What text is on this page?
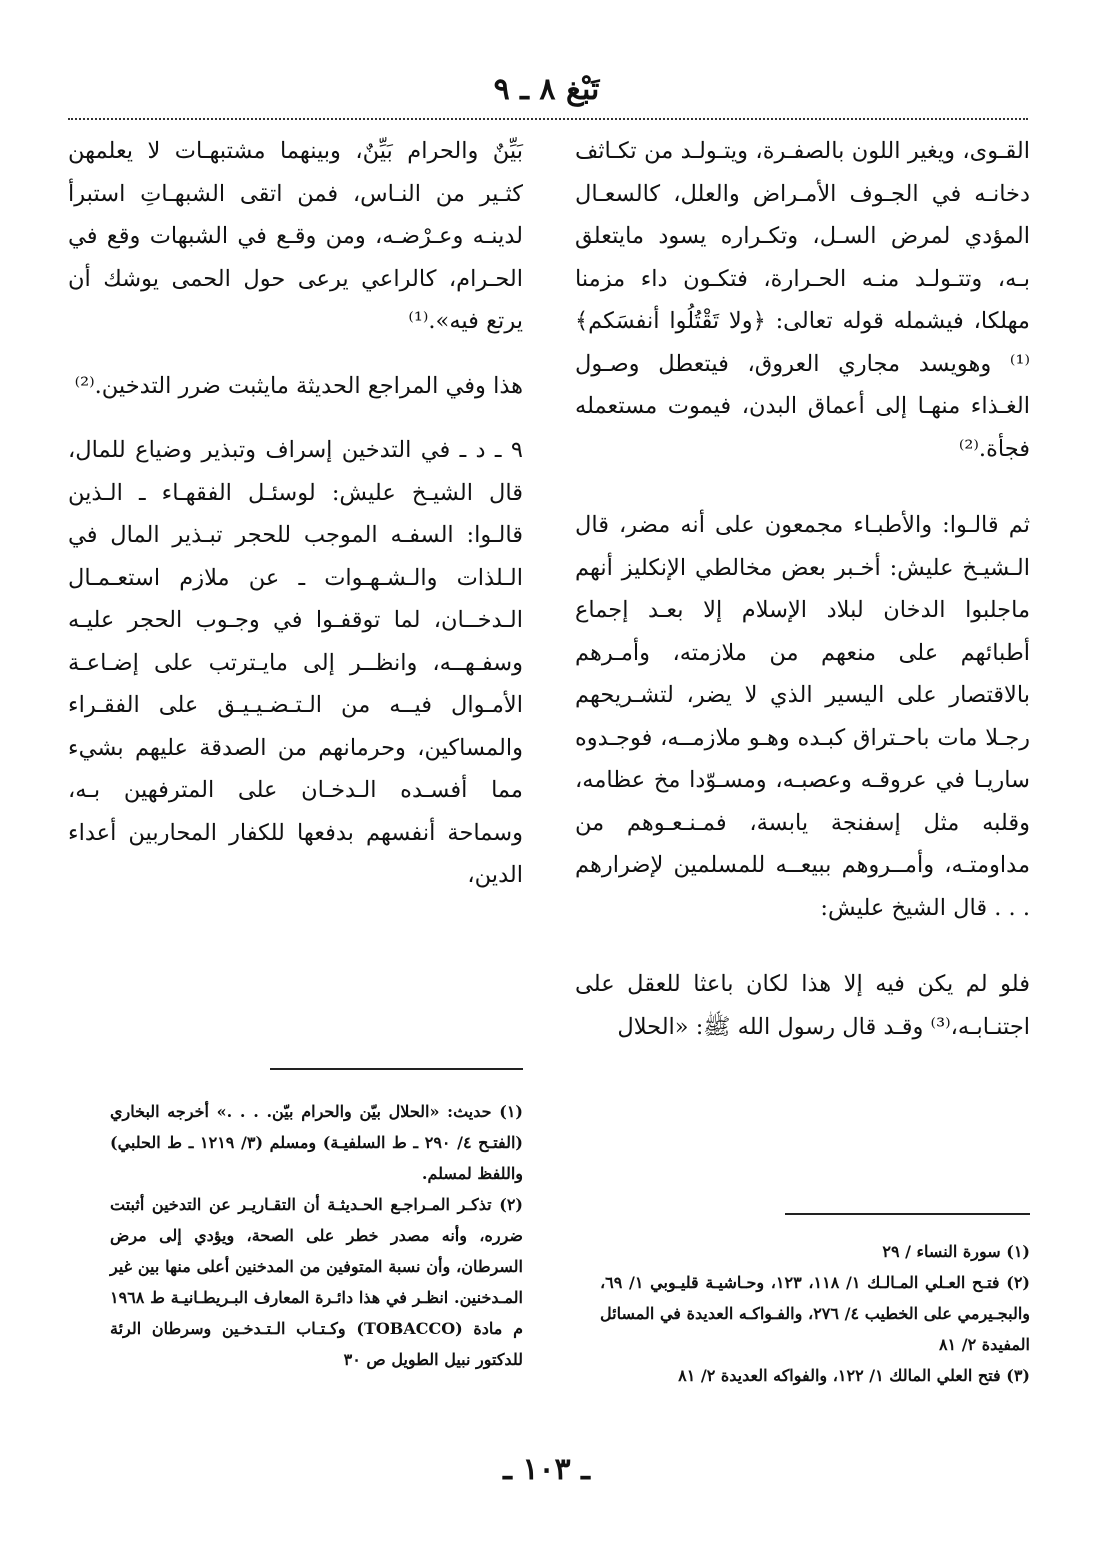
تَبْغ ٨ ـ ٩

القـوى، ويغير اللون بالصفـرة، ويتـولـد من تكـاثف دخانـه في الجـوف الأمـراض والعلل، كالسعـال المؤدي لمرض السـل، وتكـراره يسود مايتعلق بـه، وتتـولـد منـه الحـرارة، فتكـون داء مزمنا مهلكا، فيشمله قوله تعالى: ﴿ولا تَقْتُلُوا أنفسَكم﴾⁽¹⁾ وهويسد مجاري العروق، فيتعطل وصـول الغـذاء منهـا إلى أعماق البدن، فيموت مستعمله فجأة.⁽²⁾

ثم قالـوا: والأطبـاء مجمعون على أنه مضر، قال الـشيـخ عليش: أخـبر بعض مخالطي الإنكليز أنهم ماجلبوا الدخان لبلاد الإسلام إلا بعـد إجماع أطبائهم على منعهم من ملازمته، وأمـرهم بالاقتصار على اليسير الذي لا يضر، لتشـريحهم رجـلا مات باحـتراق كبـده وهـو ملازمــه، فوجـدوه ساريـا في عروقـه وعصبـه، ومسـوّدا مخ عظامه، وقلبه مثل إسفنجة يابسة، فمـنـعـوهم من مداومتـه، وأمــروهم ببيعــه للمسلمين لإضرارهم . . . قال الشيخ عليش:

فلو لم يكن فيه إلا هذا لكان باعثا للعقل على اجتنـابـه،⁽³⁾ وقـد قال رسول الله ﷺ: «الحلال

بَيِّنٌ والحرام بَيِّنٌ، وبينهما مشتبهـات لا يعلمهن كثـير من النـاس، فمن اتقى الشبهـاتِ استبرأ لدينـه وعـرْضـه، ومن وقـع في الشبهات وقع في الحـرام، كالراعي يرعى حول الحمى يوشك أن يرتع فيه».⁽¹⁾

هذا وفي المراجع الحديثة مايثبت ضرر التدخين.⁽²⁾

٩ ـ د ـ في التدخين إسراف وتبذير وضياع للمال، قال الشيـخ عليش: لوسئـل الفقهـاء ـ الـذين قالـوا: السفـه الموجب للحجر تبـذير المال في الـلذات والـشـهـوات ـ عن ملازم استعـمـال الـدخــان، لما توقفـوا في وجـوب الحجر عليـه وسفـهــه، وانظــر إلى مايـترتب على إضـاعـة الأمـوال فيــه من الـتـضـيـيـق على الفقـراء والمساكين، وحرمانهم من الصدقة عليهم بشيء مما أفسـده الـدخـان على المترفهين بـه، وسماحة أنفسهم بدفعها للكفار المحاربين أعداء الدين،

(١) حديث: «الحلال بيّن والحرام بيّن. . . .» أخرجه البخاري (الفتـح ٤/ ٢٩٠ ـ ط السلفيـة) ومسلم (٣/ ١٢١٩ ـ ط الحلبي) واللفظ لمسلم.
(٢) تذكـر المـراجـع الحـديثـة أن التقـاريـر عن التدخين أثبتت ضرره، وأنه مصدر خطر على الصحة، ويؤدي إلى مرض السرطان، وأن نسبة المتوفين من المدخنين أعلى منها بين غير المـدخنين. انظـر في هذا دائـرة المعارف البـريطـانيـة ط ١٩٦٨ م مادة (TOBACCO) وكـتـاب الـتـدخـين وسرطان الرئة للدكتور نبيل الطويل ص ٣٠
(١) سورة النساء / ٢٩
(٢) فتـح العـلي المـالـك ١/ ١١٨، ١٢٣، وحـاشيـة قليـوبي ١/ ٦٩، والبجـيرمي على الخطيب ٤/ ٢٧٦، والفـواكـه العديدة في المسائل المفيدة ٢/ ٨١
(٣) فتح العلي المالك ١/ ١٢٢، والفواكه العديدة ٢/ ٨١
ـ ١٠٣ ـ
